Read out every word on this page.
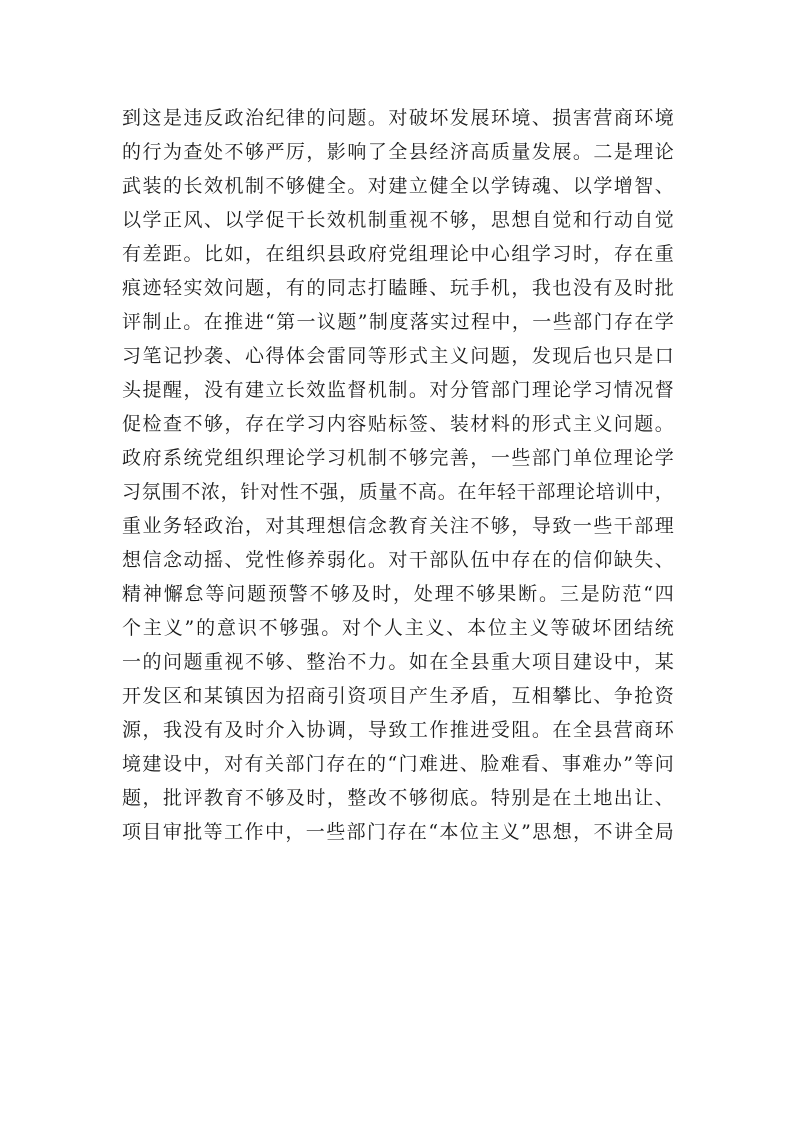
到这是违反政治纪律的问题。对破坏发展环境、损害营商环境
的行为查处不够严厉，影响了全县经济高质量发展。二是理论
武装的长效机制不够健全。对建立健全以学铸魂、以学增智、
以学正风、以学促干长效机制重视不够，思想自觉和行动自觉
有差距。比如，在组织县政府党组理论中心组学习时，存在重
痕迹轻实效问题，有的同志打瞌睡、玩手机，我也没有及时批
评制止。在推进“第一议题”制度落实过程中，一些部门存在学
习笔记抄袭、心得体会雷同等形式主义问题，发现后也只是口
头提醒，没有建立长效监督机制。对分管部门理论学习情况督
促检查不够，存在学习内容贴标签、装材料的形式主义问题。
政府系统党组织理论学习机制不够完善，一些部门单位理论学
习氛围不浓，针对性不强，质量不高。在年轻干部理论培训中，
重业务轻政治，对其理想信念教育关注不够，导致一些干部理
想信念动摇、党性修养弱化。对干部队伍中存在的信仰缺失、
精神懈怠等问题预警不够及时，处理不够果断。三是防范“四
个主义”的意识不够强。对个人主义、本位主义等破坏团结统
一的问题重视不够、整治不力。如在全县重大项目建设中，某
开发区和某镇因为招商引资项目产生矛盾，互相攀比、争抢资
源，我没有及时介入协调，导致工作推进受阻。在全县营商环
境建设中，对有关部门存在的“门难进、脸难看、事难办”等问
题，批评教育不够及时，整改不够彻底。特别是在土地出让、
项目审批等工作中，一些部门存在“本位主义”思想，不讲全局
